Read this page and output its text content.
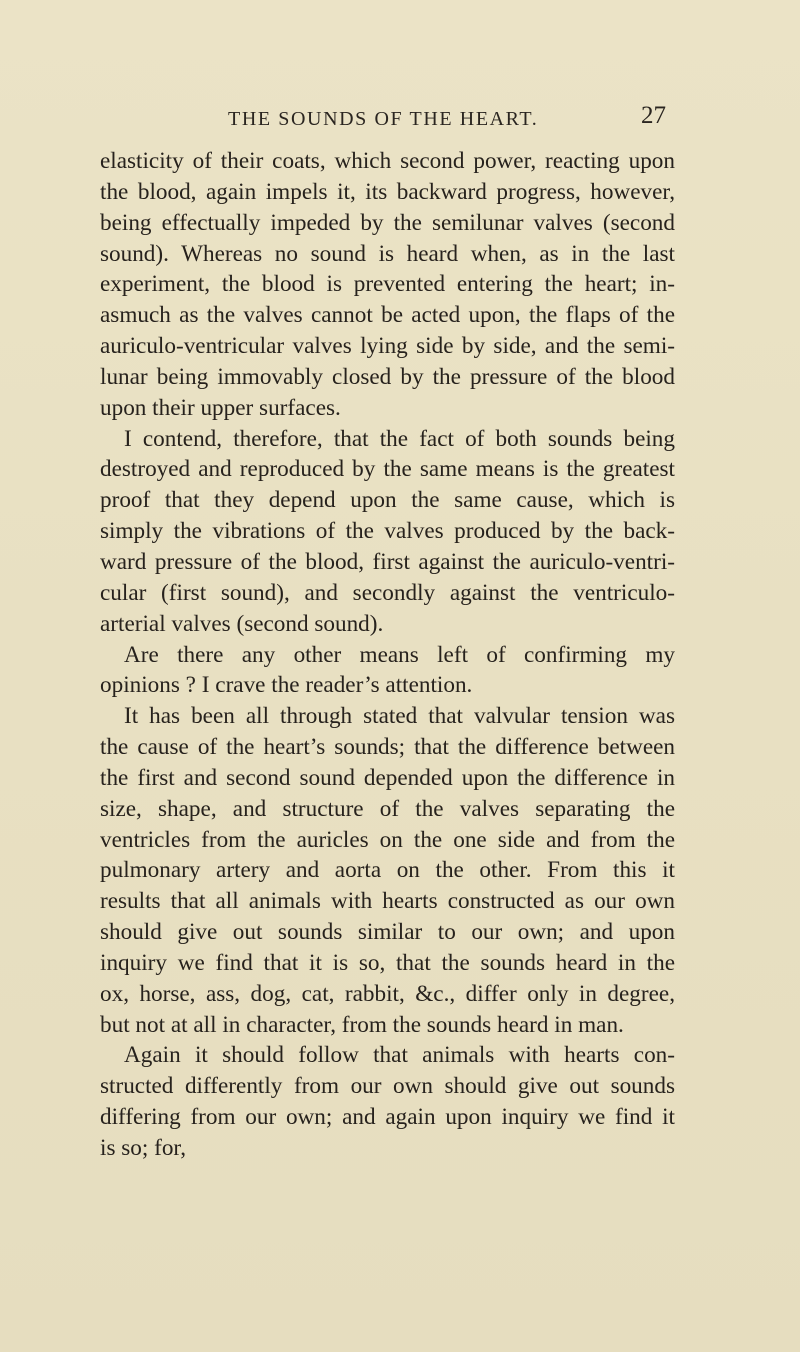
THE SOUNDS OF THE HEART.	27
elasticity of their coats, which second power, reacting upon
the blood, again impels it, its backward progress, however,
being effectually impeded by the semilunar valves (second
sound). Whereas no sound is heard when, as in the last
experiment, the blood is prevented entering the heart; in-
asmuch as the valves cannot be acted upon, the flaps of the
auriculo-ventricular valves lying side by side, and the semi-
lunar being immovably closed by the pressure of the blood
upon their upper surfaces.
I contend, therefore, that the fact of both sounds being
destroyed and reproduced by the same means is the greatest
proof that they depend upon the same cause, which is
simply the vibrations of the valves produced by the back-
ward pressure of the blood, first against the auriculo-ventri-
cular (first sound), and secondly against the ventriculo-
arterial valves (second sound).
Are there any other means left of confirming my
opinions ? I crave the reader’s attention.
It has been all through stated that valvular tension was
the cause of the heart’s sounds; that the difference between
the first and second sound depended upon the difference in
size, shape, and structure of the valves separating the
ventricles from the auricles on the one side and from the
pulmonary artery and aorta on the other. From this it
results that all animals with hearts constructed as our own
should give out sounds similar to our own; and upon
inquiry we find that it is so, that the sounds heard in the
ox, horse, ass, dog, cat, rabbit, &c., differ only in degree,
but not at all in character, from the sounds heard in man.
Again it should follow that animals with hearts con-
structed differently from our own should give out sounds
differing from our own; and again upon inquiry we find it
is so; for,
